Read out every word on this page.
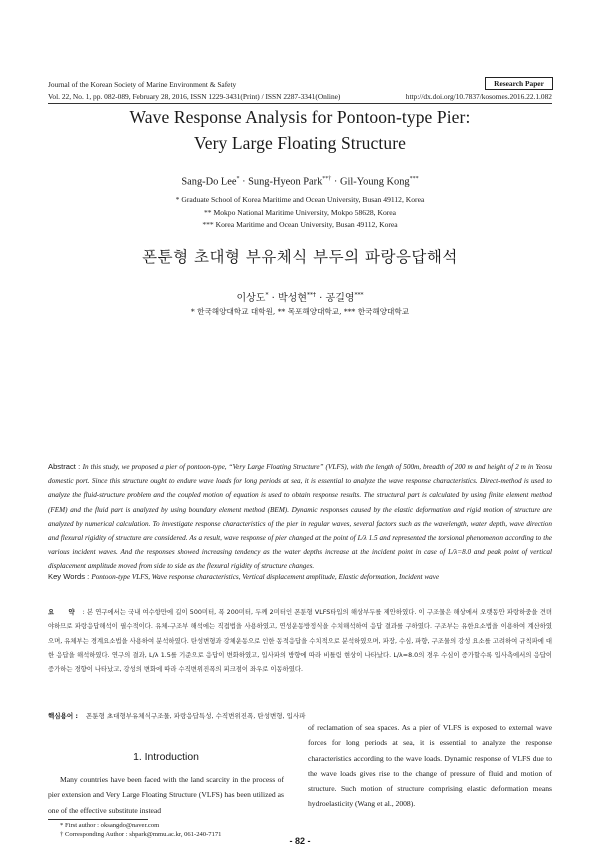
Journal of the Korean Society of Marine Environment & Safety	Research Paper
Vol. 22, No. 1, pp. 082-089, February 28, 2016, ISSN 1229-3431(Print) / ISSN 2287-3341(Online)	http://dx.doi.org/10.7837/kosomes.2016.22.1.082
Wave Response Analysis for Pontoon-type Pier:
Very Large Floating Structure
Sang-Do Lee* · Sung-Hyeon Park**† · Gil-Young Kong***
* Graduate School of Korea Maritime and Ocean University, Busan 49112, Korea
** Mokpo National Maritime University, Mokpo 58628, Korea
*** Korea Maritime and Ocean University, Busan 49112, Korea
폰툰형 초대형 부유체식 부두의 파랑응답해석
이상도* · 박성현**† · 공길영***
* 한국해양대학교 대학원, ** 목포해양대학교, *** 한국해양대학교
Abstract : In this study, we proposed a pier of pontoon-type, “Very Large Floating Structure” (VLFS), with the length of 500m, breadth of 200 m and height of 2 m in Yeosu domestic port. Since this structure ought to endure wave loads for long periods at sea, it is essential to analyze the wave response characteristics. Direct-method is used to analyze the fluid-structure problem and the coupled motion of equation is used to obtain response results. The structural part is calculated by using finite element method (FEM) and the fluid part is analyzed by using boundary element method (BEM). Dynamic responses caused by the elastic deformation and rigid motion of structure are analyzed by numerical calculation. To investigate response characteristics of the pier in regular waves, several factors such as the wavelength, water depth, wave direction and flexural rigidity of structure are considered. As a result, wave response of pier changed at the point of L/λ 1.5 and represented the torsional phenomenon according to the various incident waves. And the responses showed increasing tendency as the water depths increase at the incident point in case of L/λ=8.0 and peak point of vertical displacement amplitude moved from side to side as the flexural rigidity of structure changes.
Key Words : Pontoon-type VLFS, Wave response characteristics, Vertical displacement amplitude, Elastic deformation, Incident wave
요 약 : 본 연구에서는 국내 여수항만에 길이 500미터, 폭 200미터, 두께 2미터인 폰툰형 VLFS타입의 해상부두를 제안하였다. 이 구조물은 해상에서 오랫동안 파랑하중을 견뎌야하므로 파랑응답해석이 필수적이다. 유체-구조부 해석에는 직접법을 사용하였고, 연성운동방정식을 수치해석하여 응답 결과를 구하였다. 구조부는 유한요소법을 이용하여 계산하였으며, 유체부는 경계요소법을 사용하여 분석하였다. 탄성변형과 강체운동으로 인한 동적응답을 수치적으로 분석하였으며, 파장, 수심, 파향, 구조물의 강성 요소를 고려하여 규칙파에 대한 응답을 해석하였다. 연구의 결과, L/λ 1.5를 기준으로 응답이 변화하였고, 입사파의 방향에 따라 비틀림 현상이 나타났다. L/λ=8.0의 경우 수심이 증가할수록 입사측에서의 응답이 증가하는 경향이 나타났고, 강성의 변화에 따라 수직변위진폭의 피크점이 좌우로 이동하였다.
핵심용어 : 폰툰형 초대형부유체식구조물, 파랑응답특성, 수직변위진폭, 탄성변형, 입사파
1. Introduction
Many countries have been faced with the land scarcity in the process of pier extension and Very Large Floating Structure (VLFS) has been utilized as one of the effective substitute instead
of reclamation of sea spaces. As a pier of VLFS is exposed to external wave forces for long periods at sea, it is essential to analyze the response characteristics according to the wave loads. Dynamic response of VLFS due to the wave loads gives rise to the change of pressure of fluid and motion of structure. Such motion of structure comprising elastic deformation means hydroelasticity (Wang et al., 2008).
* First author : oksangdo@naver.com
† Corresponding Author : shpark@mmu.ac.kr, 061-240-7171
- 82 -
